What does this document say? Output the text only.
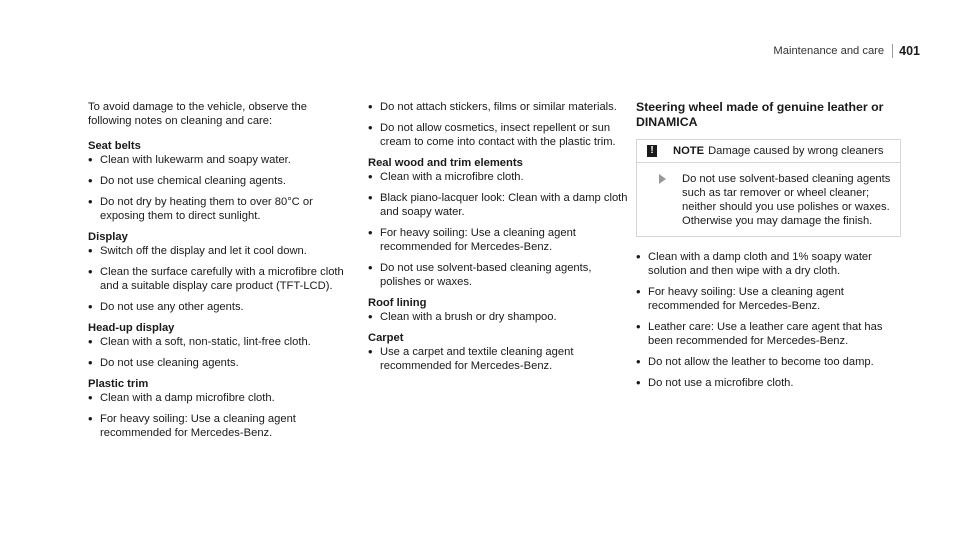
Maintenance and care 401

To avoid damage to the vehicle, observe the following notes on cleaning and care:

Seat belts
• Clean with lukewarm and soapy water.
• Do not use chemical cleaning agents.
• Do not dry by heating them to over 80°C or exposing them to direct sunlight.
Display
• Switch off the display and let it cool down.
• Clean the surface carefully with a microfibre cloth and a suitable display care product (TFT-LCD).
• Do not use any other agents.
Head-up display
• Clean with a soft, non-static, lint-free cloth.
• Do not use cleaning agents.
Plastic trim
• Clean with a damp microfibre cloth.
• For heavy soiling: Use a cleaning agent recommended for Mercedes-Benz.
• Do not attach stickers, films or similar materials.
• Do not allow cosmetics, insect repellent or sun cream to come into contact with the plastic trim.
Real wood and trim elements
• Clean with a microfibre cloth.
• Black piano-lacquer look: Clean with a damp cloth and soapy water.
• For heavy soiling: Use a cleaning agent recommended for Mercedes-Benz.
• Do not use solvent-based cleaning agents, polishes or waxes.
Roof lining
• Clean with a brush or dry shampoo.
Carpet
• Use a carpet and textile cleaning agent recommended for Mercedes-Benz.
Steering wheel made of genuine leather or DINAMICA
! NOTE Damage caused by wrong cleaners
Do not use solvent-based cleaning agents such as tar remover or wheel cleaner; neither should you use polishes or waxes. Otherwise you may damage the finish.
• Clean with a damp cloth and 1% soapy water solution and then wipe with a dry cloth.
• For heavy soiling: Use a cleaning agent recommended for Mercedes-Benz.
• Leather care: Use a leather care agent that has been recommended for Mercedes-Benz.
• Do not allow the leather to become too damp.
• Do not use a microfibre cloth.
